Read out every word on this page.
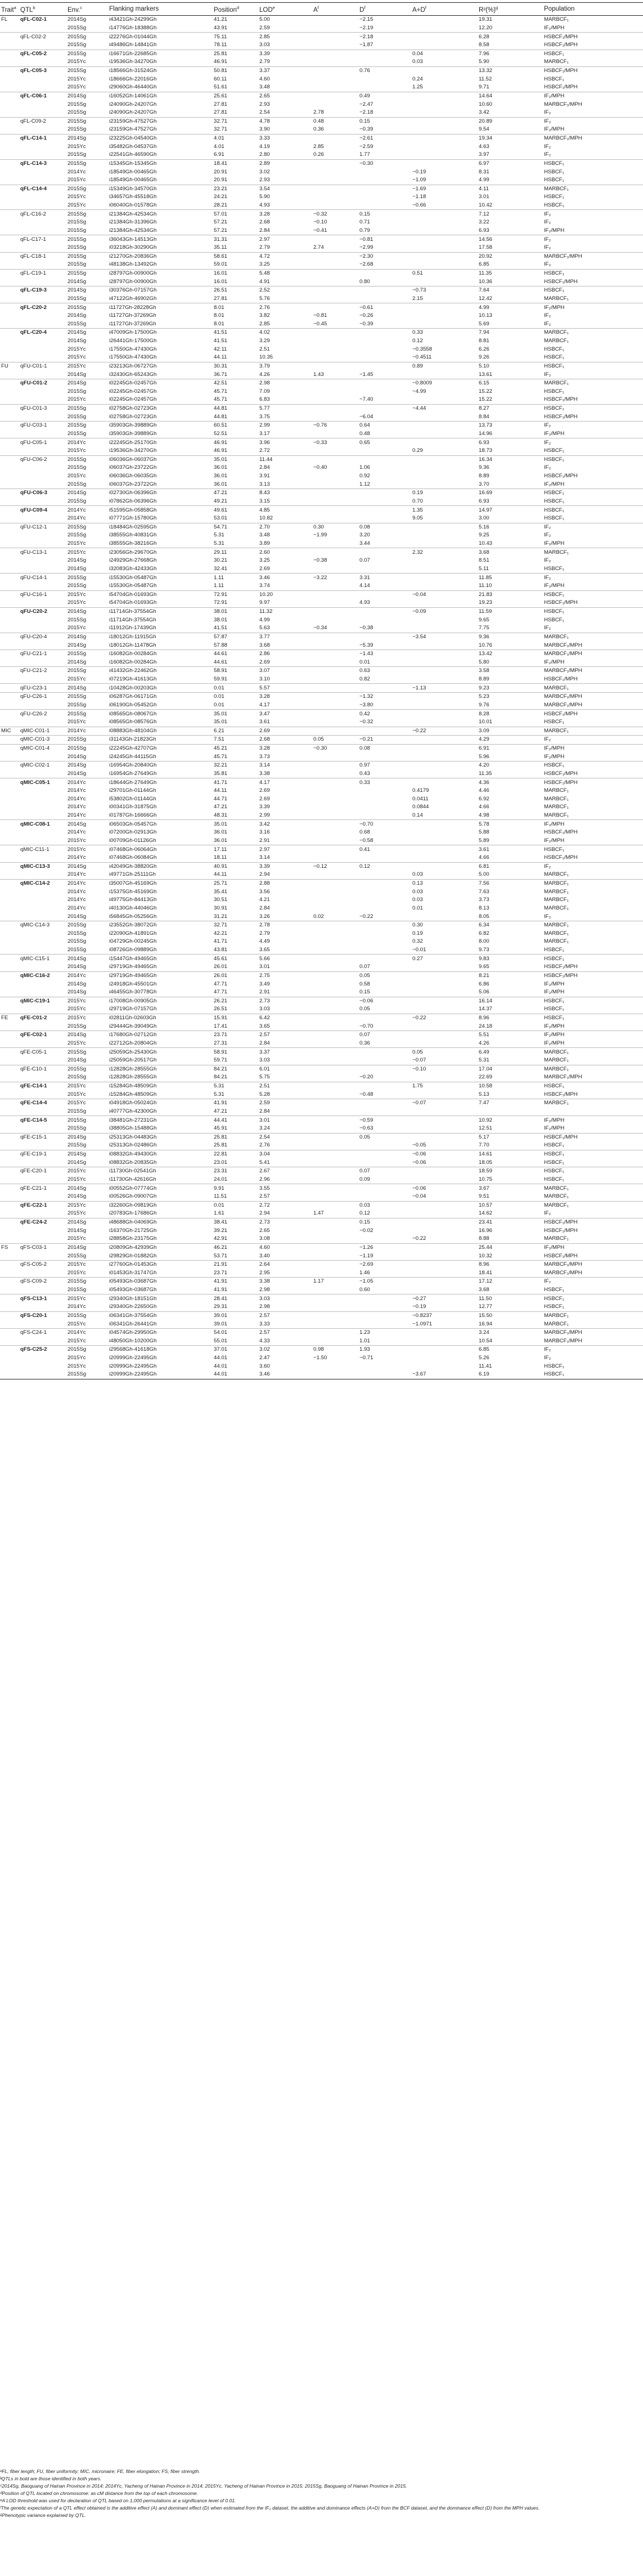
Trait$^a$	QTL$^b$	Env.$^c$	Flanking markers	Position$^d$	LOD$^e$	$A^f$	$D^f$	$A+D^f$	R²(%)$^g$	Population
FL	qFL-C02-1	2014Sg	i43421Gh-24299Gh	41.21	5.00		−2.15		19.31	MARBCF₁
		2015Sg	i14776Gh-18388Gh	43.91	2.59		−2.19		12.20	IF₂/MPH
	qFL-C02-2	2015Sg	i22276Gh-01044Gh	75.11	2.85		−2.18		6.28	HSBCF₁/MPH
		2015Sg	i49486Gh-14841Gh	78.11	3.03		−1.87		8.58	HSBCF₁/MPH
	qFL-C05-2	2015Sg	i16671Gh-22685Gh	25.81	3.39			0.04	7.96	HSBCF₁
		2015Yc	i19536Gh-34270Gh	46.91	2.79			0.03	5.90	MARBCF₁
	qFL-C05-3	2015Sg	i18566Gh-31524Gh	50.81	3.37		0.76		13.32	HSBCF₁/MPH
		2015Yc	i18666Gh-22016Gh	60.11	4.60			0.24	11.52	HSBCF₁
		2015Yc	i29060Gh-46440Gh	51.61	3.48			1.25	9.71	HSBCF₁/MPH
	qFL-C06-1	2014Sg	i16052Gh-14061Gh	25.61	2.65		0.49		14.64	IF₂/MPH
		2015Sg	i24090Gh-24207Gh	27.81	2.93		−2.47		10.60	MARBCF₁/MPH
		2015Sg	i24090Gh-24207Gh	27.81	2.54	2.78	−2.18		3.42	IF₂
	qFL-C09-2	2015Sg	i23159Gh-47527Gh	32.71	4.78	0.48	0.15		20.89	IF₂
		2015Sg	i23159Gh-47527Gh	32.71	3.90	0.36	−0.39		9.54	IF₂/MPH
	qFL-C14-1	2014Sg	i23225Gh-04540Gh	4.01	3.33		−2.61		19.34	MARBCF₁/MPH
		2015Yc	i35482Gh-04537Gh	4.01	4.19	2.85	−2.59		4.63	IF₂
		2015Sg	i22541Gh-46590Gh	6.91	2.80	0.26	1.77		3.97	IF₂
	qFL-C14-3	2015Sg	i15345Gh-15345Gh	18.41	2.89		−0.30		6.97	HSBCF₁
		2014Yc	i18549Gh-00465Gh	20.91	3.02			−0.19	8.31	HSBCF₁
		2015Yc	i18549Gh-00465Gh	20.91	2.93			−1.09	4.99	HSBCF₁
	qFL-C14-4	2015Sg	i15349Gh-34570Gh	23.21	3.54			−1.69	4.11	MARBCF₁
		2015Yc	i34657Gh-45518Gh	24.21	5.90			−1.18	3.01	HSBCF₁
		2015Yc	i06040Gh-01578Gh	28.21	4.93			−0.66	10.42	HSBCF₁
	qFL-C16-2	2015Sg	i21384Gh-42534Gh	57.01	3.28	−0.32	0.15		7.12	IF₂
		2015Sg	i21384Gh-31396Gh	57.21	2.68	−0.10	0.71		3.22	IF₂
		2015Sg	i21384Gh-42534Gh	57.21	2.84	−0.41	0.79		6.93	IF₂/MPH
	qFL-C17-1	2015Sg	i36043Gh-14513Gh	31.31	2.97		−0.81		14.56	IF₂
		2015Sg	i03218Gh-30290Gh	35.11	2.79	2.74	−2.99		17.58	IF₂
	qFL-C18-1	2015Sg	i21270Gh-20836Gh	58.61	4.72		−2.30		20.92	MARBCF₁/MPH
		2015Sg	i48138Gh-13492Gh	59.01	3.25		−2.68		6.85	IF₂
	qFL-C19-1	2015Sg	i28797Gh-00900Gh	16.01	5.48			0.51	11.35	HSBCF₁
		2014Sg	i28797Gh-00900Gh	16.01	4.91		0.80		10.36	HSBCF₁/MPH
	qFL-C19-3	2014Sg	i30376Gh-07157Gh	26.51	2.52			−0.73	7.64	HSBCF₁
		2015Sg	i47122Gh-46902Gh	27.81	5.76			2.15	12.42	MARBCF₁
	qFL-C20-2	2015Sg	i11727Gh-28228Gh	8.01	2.76		−0.61		4.99	IF₂/MPH
		2014Sg	i11727Gh-37269Gh	8.01	3.82	−0.81	−0.26		10.13	IF₂
		2015Sg	i11727Gh-37269Gh	8.01	2.85	−0.45	−0.39		5.69	IF₂
	qFL-C20-4	2014Sg	i47009Gh-17500Gh	41.51	4.02			0.33	7.94	MARBCF₁
		2014Sg	i26441Gh-17500Gh	41.51	3.29			0.12	8.81	MARBCF₁
		2015Yc	i17550Gh-47430Gh	42.11	2.51			−0.3558	6.26	HSBCF₁
		2015Yc	i17550Gh-47430Gh	44.11	10.35			−0.4511	9.26	HSBCF₁
FU	qFU-C01-1	2015Yc	i23213Gh-06727Gh	30.31	3.79			0.89	5.10	HSBCF₁
		2014Sg	i32430Gh-65243Gh	36.71	4.26	1.43	−1.45		13.61	IF₂
	qFU-C01-2	2014Sg	i02245Gh-02457Gh	42.51	2.98			−0.8009	6.15	MARBCF₁
		2015Sg	i02245Gh-02457Gh	45.71	7.09			−4.99	15.22	HSBCF₁
		2015Yc	i02245Gh-02457Gh	45.71	6.83		−7.40		15.22	HSBCF₁/MPH
	qFU-C01-3	2015Sg	i02758Gh-02723Gh	44.81	5.77			−4.44	8.27	HSBCF₁
		2015Sg	i02758Gh-02723Gh	44.81	3.75		−6.04		8.84	HSBCF₁/MPH
	qFU-C03-1	2015Sg	i35903Gh-39889Gh	60.51	2.99	−0.76	0.64		13.73	IF₂
		2015Sg	i35903Gh-39889Gh	52.51	3.17		0.48		14.96	IF₂/MPH
	qFU-C05-1	2014Yc	i22245Gh-25170Gh	46.91	3.96	−0.33	0.65		6.93	IF₂
		2015Yc	i19536Gh-34270Gh	46.91	2.72			0.29	18.73	HSBCF₁
	qFU-C06-2	2015Sg	i06036Gh-06037Gh	35.01	11.44				16.34	HSBCF₁
		2015Sg	i06037Gh-23722Gh	36.01	2.84	−0.40	1.06		9.36	IF₂
		2015Yc	i06036Gh-06035Gh	36.01	3.91		0.92		8.89	HSBCF₁/MPH
		2015Sg	i06037Gh-23722Gh	36.01	3.13		1.12		3.70	IF₂/MPH
	qFU-C06-3	2014Sg	i02730Gh-06396Gh	47.21	8.43			0.19	16.69	HSBCF₁
		2015Sg	i07862Gh-06396Gh	49.21	3.15			0.70	6.93	HSBCF₁
	qFU-C09-4	2014Yc	i51595Gh-05858Gh	49.61	4.85			1.35	14.97	HSBCF₁
		2014Yc	i07771Gh-15780Gh	53.01	10.82			9.05	3.00	HSBCF₁
	qFU-C12-1	2015Sg	i18484Gh-02595Gh	54.71	2.70	0.30	0.08		5.16	IF₂
		2015Sg	i38555Gh-40831Gh	5.31	3.48	−1.99	3.20		9.25	IF₂
		2015Yc	i38555Gh-38216Gh	5.31	3.89		3.44		10.43	IF₂/MPH
	qFU-C13-1	2015Yc	i23056Gh-29670Gh	29.11	2.60			2.32	3.68	MARBCF₁
		2014Sg	i24929Gh-27668Gh	30.21	3.25	−0.38	0.07		8.51	IF₂
		2014Sg	i32083Gh-42433Gh	32.41	2.69				5.11	HSBCF₁
	qFU-C14-1	2015Sg	i15530Gh-05487Gh	1.11	3.46	−3.22	3.31		11.85	IF₂
		2015Sg	i15530Gh-05487Gh	1.11	3.74		4.14		11.10	IF₂/MPH
	qFU-C16-1	2015Yc	i54704Gh-01693Gh	72.91	10.20			−0.04	21.83	HSBCF₁
		2015Yc	i54704Gh-01693Gh	72.91	9.97		4.93		19.23	HSBCF₁/MPH
	qFU-C20-2	2014Sg	i11714Gh-37554Gh	38.01	11.32			−0.09	11.59	HSBCF₁
		2015Sg	i11714Gh-37554Gh	38.01	4.99				9.65	HSBCF₁
		2015Yc	i11912Gh-17439Gh	41.51	5.63	−0.34	−0.38		7.75	IF₂
	qFU-C20-4	2014Sg	i18012Gh-11915Gh	57.87	3.77			−3.54	9.36	MARBCF₁
		2014Sg	i18012Gh-11478Gh	57.88	3.68		−5.39		10.76	MARBCF₁/MPH
	qFU-C21-1	2015Sg	i16082Gh-00284Gh	44.61	2.86		−1.43		13.42	MARBCF₁/MPH
		2014Sg	i16082Gh-00284Gh	44.61	2.69		0.01		5.80	IF₂/MPH
	qFU-C21-2	2015Sg	i41432Gh-22462Gh	58.91	3.07		0.63		3.58	MARBCF₁/MPH
		2015Yc	i07219Gh-41613Gh	59.91	3.10		0.82		8.89	HSBCF₁/MPH
	qFU-C23-1	2014Sg	i10428Gh-00203Gh	0.01	5.57			−1.13	9.23	MARBCF₁
	qFU-C26-1	2015Sg	i06287Gh-06171Gh	0.01	3.28		−1.32		5.23	MARBCF₁/MPH
		2015Sg	i06190Gh-05452Gh	0.01	4.17		−3.80		9.76	MARBCF₁/MPH
	qFU-C26-2	2015Sg	i08565Gh-08067Gh	35.01	3.47		0.42		8.28	HSBCF₁/MPH
		2015Yc	i08565Gh-08576Gh	35.01	3.61		−0.32		10.01	HSBCF₁
MIC	qMIC-C01-1	2014Yc	i08883Gh-48104Gh	6.21	2.69			−0.22	3.09	MARBCF₁
	qMIC-C01-3	2015Sg	i31143Gh-21823Gh	7.51	2.68	0.05	−0.21		4.29	IF₂
	qMIC-C01-4	2015Sg	i22245Gh-42707Gh	45.21	3.28	−0.30	0.08		6.91	IF₂/MPH
		2014Sg	i24245Gh-44115Gh	45.71	3.73				5.96	IF₂/MPH
	qMIC-C02-1	2014Sg	i16954Gh-20840Gh	32.21	3.14		0.97		4.20	HSBCF₁
		2014Sg	i16954Gh-27649Gh	35.81	3.38		0.43		11.35	HSBCF₁/MPH
	qMIC-C05-1	2014Yc	i18644Gh-27649Gh	41.71	4.17		0.33		4.36	HSBCF₁/MPH
		2014Yc	i29701Gh-01144Gh	44.11	2.69			0.4179	4.46	MARBCF₁
		2014Yc	i53802Gh-01144Gh	44.71	2.69			0.0411	6.92	MARBCF₁
		2014Yc	i00341Gh-31875Gh	47.21	3.39			0.0844	4.66	MARBCF₁
		2014Yc	i01787Gh-16666Gh	48.31	2.99			0.14	4.98	MARBCF₁
	qMIC-C08-1	2014Sg	i06503Gh-05457Gh	35.01	3.42		−0.70		5.78	IF₂/MPH
		2014Yc	i07200Gh-02913Gh	36.01	3.16		0.68		5.88	HSBCF₁/MPH
		2015Yc	i00709Gh-01126Gh	36.01	2.91		−0.58		5.89	IF₂/MPH
	qMIC-C11-1	2015Yc	i07468Gh-06064Gh	17.11	2.97		0.41		3.61	HSBCF₁
		2014Yc	i07468Gh-06084Gh	18.11	3.14				4.66	HSBCF₁/MPH
	qMIC-C13-3	2014Sg	i42049Gh-38820Gh	40.91	3.39	−0.12	0.12		6.81	IF₂
		2014Yc	i49771Gh-25111Gh	44.11	2.94			0.03	5.00	MARBCF₁
	qMIC-C14-2	2014Yc	i35007Gh-45169Gh	25.71	2.88			0.13	7.56	MARBCF₁
		2014Yc	i15375Gh-45169Gh	35.41	3.56			0.03	7.63	MARBCF₁
		2014Yc	i49775Gh-84413Gh	30.51	4.21			0.03	3.73	MARBCF₁
		2014Yc	i40130Gh-44046Gh	30.91	2.84			0.01	8.13	MARBCF₁
		2014Sg	i56845Gh-05256Gh	31.21	3.26	0.02	−0.22		8.05	IF₂
	qMIC-C14-3	2015Sg	i23552Gh-38072Gh	32.71	2.78			0.30	6.34	MARBCF₁
		2015Sg	i22090Gh-41891Gh	42.21	2.79			0.19	6.82	MARBCF₁
		2015Sg	i04729Gh-00245Gh	41.71	4.49			0.32	8.00	MARBCF₁
		2015Sg	i08726Gh-09889Gh	43.81	3.65			−0.01	9.73	HSBCF₁
	qMIC-C15-1	2014Sg	i15447Gh-49465Gh	45.61	5.66			0.27	9.83	HSBCF₁
		2014Sg	i29719Gh-49465Gh	26.01	3.01		0.07		9.65	HSBCF₁/MPH
	qMIC-C16-2	2014Yc	i29719Gh-49465Gh	26.01	2.75		0.05		8.21	HSBCF₁/MPH
		2014Sg	i24918Gh-45501Gh	47.71	3.49		0.58		6.86	IF₂/MPH
		2014Sg	i46455Gh-30778Gh	47.71	2.91		0.15		5.06	IF₂/MPH
	qMIC-C19-1	2015Yc	i17008Gh-00905Gh	26.21	2.73		−0.06		16.14	HSBCF₁
		2015Yc	i29719Gh-07157Gh	26.51	3.03		0.05		14.37	HSBCF₁
FE	qFE-C01-2	2015Yc	i02811Gh-02603Gh	15.91	6.42			−0.22	8.96	HSBCF₁
		2015Sg	i29444Gh-39049Gh	17.41	3.65		−0.70		24.18	IF₂/MPH
	qFE-C02-1	2014Sg	i17680Gh-02712Gh	23.71	2.57		0.07		5.51	IF₂/MPH
		2015Yc	i22712Gh-20804Gh	27.31	2.84		0.36		4.26	IF₂/MPH
	qFE-C05-1	2015Sg	i25059Gh-25430Gh	58.91	3.37			0.05	6.49	MARBCF₁
		2014Sg	i25059Gh-20517Gh	59.71	3.03			−0.07	5.31	MARBCF₁
	qFE-C10-1	2015Sg	i12828Gh-28555Gh	84.21	6.01			−0.10	17.04	MARBCF₁
		2015Sg	i12828Gh-28555Gh	84.21	5.75		−0.20		22.69	MARBCF₁/MPH
	qFE-C14-1	2015Yc	i15284Gh-48509Gh	5.31	2.51			1.75	10.58	HSBCF₁
		2015Yc	i15284Gh-48509Gh	5.31	5.28		−0.48		5.13	HSBCF₁/MPH
	qFE-C14-4	2015Yc	i04918Gh-05024Gh	41.91	2.59			−0.07	7.47	MARBCF₁
		2015Sg	i40777Gh-42300Gh	47.21	2.84					
	qFE-C14-5	2015Sg	i38481Gh-27231Gh	44.41	3.01		−0.59		10.92	IF₂/MPH
		2015Sg	i38805Gh-15488Gh	45.91	3.24		−0.63		12.51	IF₂/MPH
	qFE-C15-1	2014Sg	i25313Gh-04483Gh	25.81	2.54		0.05		5.17	HSBCF₁/MPH
		2015Sg	i25313Gh-02486Gh	25.81	2.76			−0.05	7.70	HSBCF₁
	qFE-C19-1	2014Sg	i08832Gh-49430Gh	22.81	3.04			−0.06	14.61	HSBCF₁
		2014Sg	i08832Gh-20835Gh	23.01	5.41			−0.06	18.05	HSBCF₁
	qFE-C20-1	2015Yc	i11730Gh-02541Gh	23.31	2.67		0.07		18.59	HSBCF₁
		2015Yc	i11730Gh-42616Gh	24.01	2.96		0.09		10.75	HSBCF₁
	qFE-C21-1	2014Sg	i00552Gh-07774Gh	9.91	3.55			−0.06	3.67	MARBCF₁
		2014Sg	i00526Gh-09007Gh	11.51	2.57			−0.04	9.51	MARBCF₁
	qFE-C22-1	2015Yc	i32260Gh-09819Gh	0.01	2.72		0.03		10.57	MARBCF₁
		2015Yc	i20783Gh-17686Gh	1.61	2.94	1.47	0.12		14.62	IF₂
	qFE-C24-2	2014Sg	i48688Gh-04069Gh	38.41	2.73		0.15		23.41	HSBCF₁/MPH
		2014Sg	i16370Gh-21725Gh	39.21	2.65		−0.02		16.96	HSBCF₁/MPH
		2015Yc	i28858Gh-23175Gh	42.91	3.08			−0.22	8.88	MARBCF₁
FS	qFS-C03-1	2014Sg	i20809Gh-42939Gh	46.21	4.60		−1.26		25.44	IF₂/MPH
		2015Sg	i29829Gh-01882Gh	53.71	3.40		−1.19		10.32	HSBCF₁/MPH
	qFS-C05-2	2015Yc	i27760Gh-01453Gh	21.91	2.64		−2.69		8.96	MARBCF₁/MPH
		2015Yc	i01453Gh-31747Gh	23.71	2.95		1.46		18.41	MARBCF₁/MPH
	qFS-C09-2	2015Sg	i05493Gh-03687Gh	41.91	3.38	1.17	−1.05		17.12	IF₂
		2015Sg	i05493Gh-03687Gh	41.91	2.98		0.60		3.68	HSBCF₁
	qFS-C13-1	2015Yc	i29340Gh-18151Gh	28.41	3.03			−0.27	11.50	HSBCF₁
		2014Yc	i29340Gh-22650Gh	29.31	2.98			−0.19	12.77	HSBCF₁
	qFS-C20-1	2015Sg	i06341Gh-37554Gh	39.01	2.57			−0.8237	15.50	MARBCF₁
		2015Yc	i06341Gh-26441Gh	39.01	3.33			−1.0971	16.94	MARBCF₁
	qFS-C24-1	2014Yc	i04574Gh-29950Gh	54.01	2.57		1.23		3.24	MARBCF₁/MPH
		2015Yc	i48050Gh-10200Gh	55.01	4.33		1.01		10.54	MARBCF₁/MPH
	qFS-C25-2	2015Sg	i29568Gh-41618Gh	37.01	3.02	0.98	1.93		6.85	IF₂
		2015Yc	i20999Gh-22495Gh	44.01	2.47	−1.50	−0.71		5.26	IF₂
		2015Yc	i20999Gh-22495Gh	44.01	3.60				11.41	HSBCF₁
		2015Sg	i20999Gh-22495Gh	44.01	3.46			−3.67	6.19	HSBCF₁

ᵃFL, fiber length; FU, fiber uniformity; MIC, micronaire; FE, fiber elongation; FS, fiber strength.

ᵇQTLs in bold are those identified in both years.

ᶜ2014Sg, Baoguang of Hainan Province in 2014; 2014Yc, Yacheng of Hainan Province in 2014; 2015Yc, Yacheng of Hainan Province in 2015; 2015Sg, Baoguang of Hainan Province in 2015.

ᵈPosition of QTL located on chromosome: as cM distance from the top of each chromosome.

ᵉA LOD threshold was used for declaration of QTL based on 1,000 permutations at a significance level of 0.01.

ᶠThe genetic expectation of a QTL effect obtained is the additive effect (A) and dominant effect (D) when estimated from the IF₂ dataset, the additive and dominance effects (A+D) from the BCF dataset, and the dominance effect (D) from the MPH values.

ᵍPhenotypic variance explained by QTL.
